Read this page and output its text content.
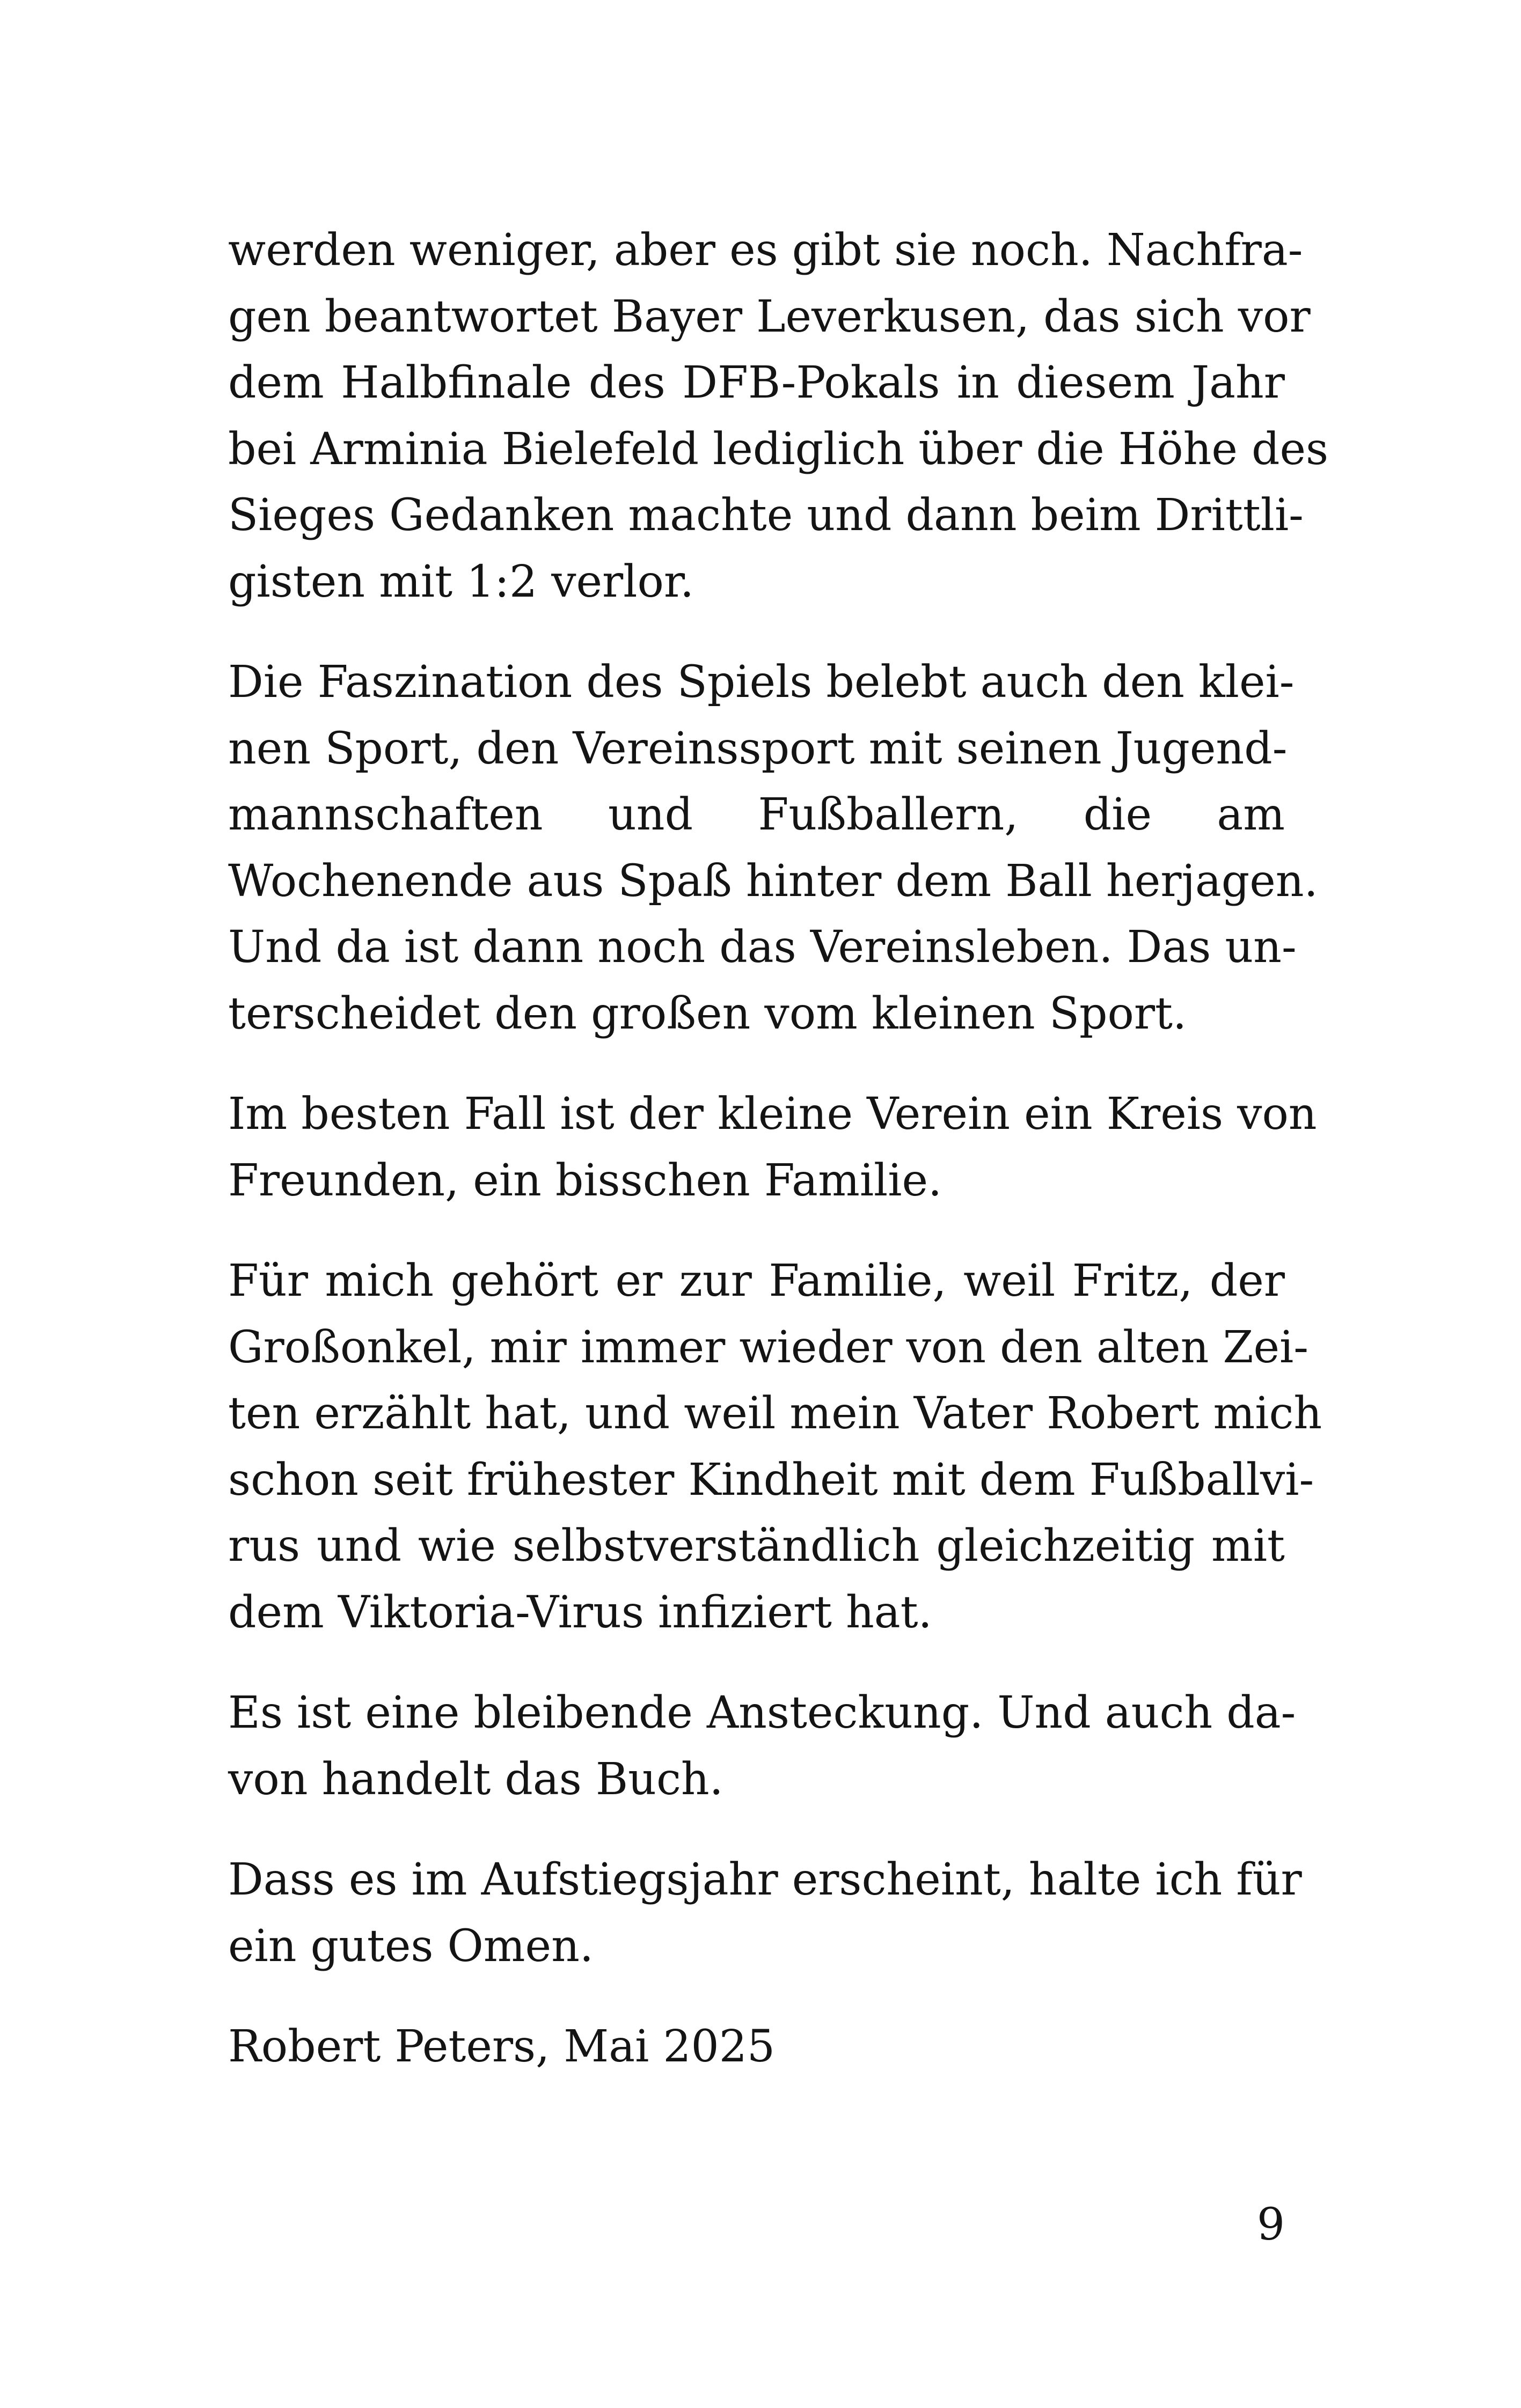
werden weniger, aber es gibt sie noch. Nachfra-
gen beantwortet Bayer Leverkusen, das sich vor
dem Halbfinale des DFB-Pokals in diesem Jahr
bei Arminia Bielefeld lediglich über die Höhe des
Sieges Gedanken machte und dann beim Drittli-
gisten mit 1:2 verlor.

Die Faszination des Spiels belebt auch den klei-
nen Sport, den Vereinssport mit seinen Jugend-
mannschaften und Fußballern, die am
Wochenende aus Spaß hinter dem Ball herjagen.
Und da ist dann noch das Vereinsleben. Das un-
terscheidet den großen vom kleinen Sport.

Im besten Fall ist der kleine Verein ein Kreis von
Freunden, ein bisschen Familie.

Für mich gehört er zur Familie, weil Fritz, der
Großonkel, mir immer wieder von den alten Zei-
ten erzählt hat, und weil mein Vater Robert mich
schon seit frühester Kindheit mit dem Fußballvi-
rus und wie selbstverständlich gleichzeitig mit
dem Viktoria-Virus infiziert hat.

Es ist eine bleibende Ansteckung. Und auch da-
von handelt das Buch.

Dass es im Aufstiegsjahr erscheint, halte ich für
ein gutes Omen.

Robert Peters, Mai 2025

9
